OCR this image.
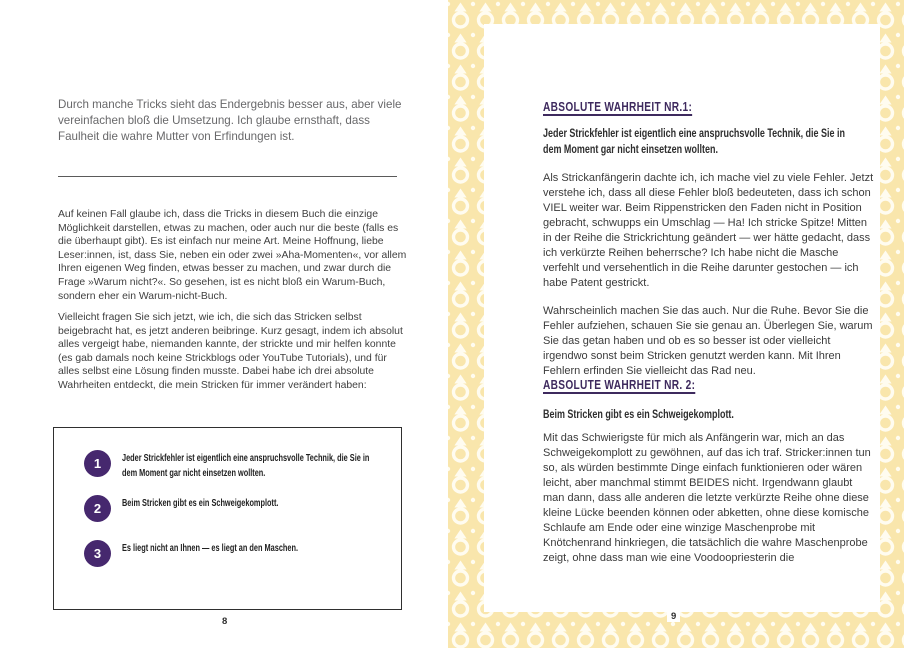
Durch manche Tricks sieht das Endergebnis besser aus, aber viele vereinfachen bloß die Umsetzung. Ich glaube ernsthaft, dass Faulheit die wahre Mutter von Erfindungen ist.

Auf keinen Fall glaube ich, dass die Tricks in diesem Buch die einzige Möglichkeit darstellen, etwas zu machen, oder auch nur die beste (falls es die überhaupt gibt). Es ist einfach nur meine Art. Meine Hoffnung, liebe Leser:innen, ist, dass Sie, neben ein oder zwei »Aha-Momenten«, vor allem Ihren eigenen Weg finden, etwas besser zu machen, und zwar durch die Frage »Warum nicht?«. So gesehen, ist es nicht bloß ein Warum-Buch, sondern eher ein Warum-nicht-Buch.

Vielleicht fragen Sie sich jetzt, wie ich, die sich das Stricken selbst beigebracht hat, es jetzt anderen beibringe. Kurz gesagt, indem ich absolut alles vergeigt habe, niemanden kannte, der strickte und mir helfen konnte (es gab damals noch keine Strickblogs oder YouTube Tutorials), und für alles selbst eine Lösung finden musste. Dabei habe ich drei absolute Wahrheiten entdeckt, die mein Stricken für immer verändert haben:

1	Jeder Strickfehler ist eigentlich eine anspruchsvolle Technik, die Sie in dem Moment gar nicht einsetzen wollten.
2	Beim Stricken gibt es ein Schweigekomplott.
3	Es liegt nicht an Ihnen — es liegt an den Maschen.
8
ABSOLUTE WAHRHEIT NR.1:
Jeder Strickfehler ist eigentlich eine anspruchsvolle Technik, die Sie in dem Moment gar nicht einsetzen wollten.

Als Strickanfängerin dachte ich, ich mache viel zu viele Fehler. Jetzt verstehe ich, dass all diese Fehler bloß bedeuteten, dass ich schon VIEL weiter war. Beim Rippenstricken den Faden nicht in Position gebracht, schwupps ein Umschlag — Ha! Ich stricke Spitze! Mitten in der Reihe die Strickrichtung geändert — wer hätte gedacht, dass ich verkürzte Reihen beherrsche? Ich habe nicht die Masche verfehlt und versehentlich in die Reihe darunter gestochen — ich habe Patent gestrickt.

Wahrscheinlich machen Sie das auch. Nur die Ruhe. Bevor Sie die Fehler aufziehen, schauen Sie sie genau an. Überlegen Sie, warum Sie das getan haben und ob es so besser ist oder vielleicht irgendwo sonst beim Stricken genutzt werden kann. Mit Ihren Fehlern erfinden Sie vielleicht das Rad neu.

ABSOLUTE WAHRHEIT NR. 2:
Beim Stricken gibt es ein Schweigekomplott.

Mit das Schwierigste für mich als Anfängerin war, mich an das Schweigekomplott zu gewöhnen, auf das ich traf. Stricker:innen tun so, als würden bestimmte Dinge einfach funktionieren oder wären leicht, aber manchmal stimmt BEIDES nicht. Irgendwann glaubt man dann, dass alle anderen die letzte verkürzte Reihe ohne diese kleine Lücke beenden können oder abketten, ohne diese komische Schlaufe am Ende oder eine winzige Maschenprobe mit Knötchenrand hinkriegen, die tatsächlich die wahre Maschenprobe zeigt, ohne dass man wie eine Voodoopriesterin die

9
